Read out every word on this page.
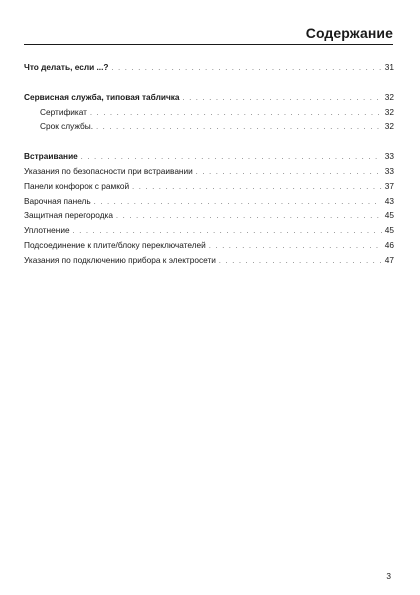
Содержание
Что делать, если ...? . . .	31
Сервисная служба, типовая табличка . . .	32
Сертификат . . .	32
Срок службы. . . .	32
Встраивание . . .	33
Указания по безопасности при встраивании . . .	33
Панели конфорок с рамкой . . .	37
Варочная панель . . .	43
Защитная перегородка . . .	45
Уплотнение . . .	45
Подсоединение к плите/блоку переключателей . . .	46
Указания по подключению прибора к электросети . . .	47
3
